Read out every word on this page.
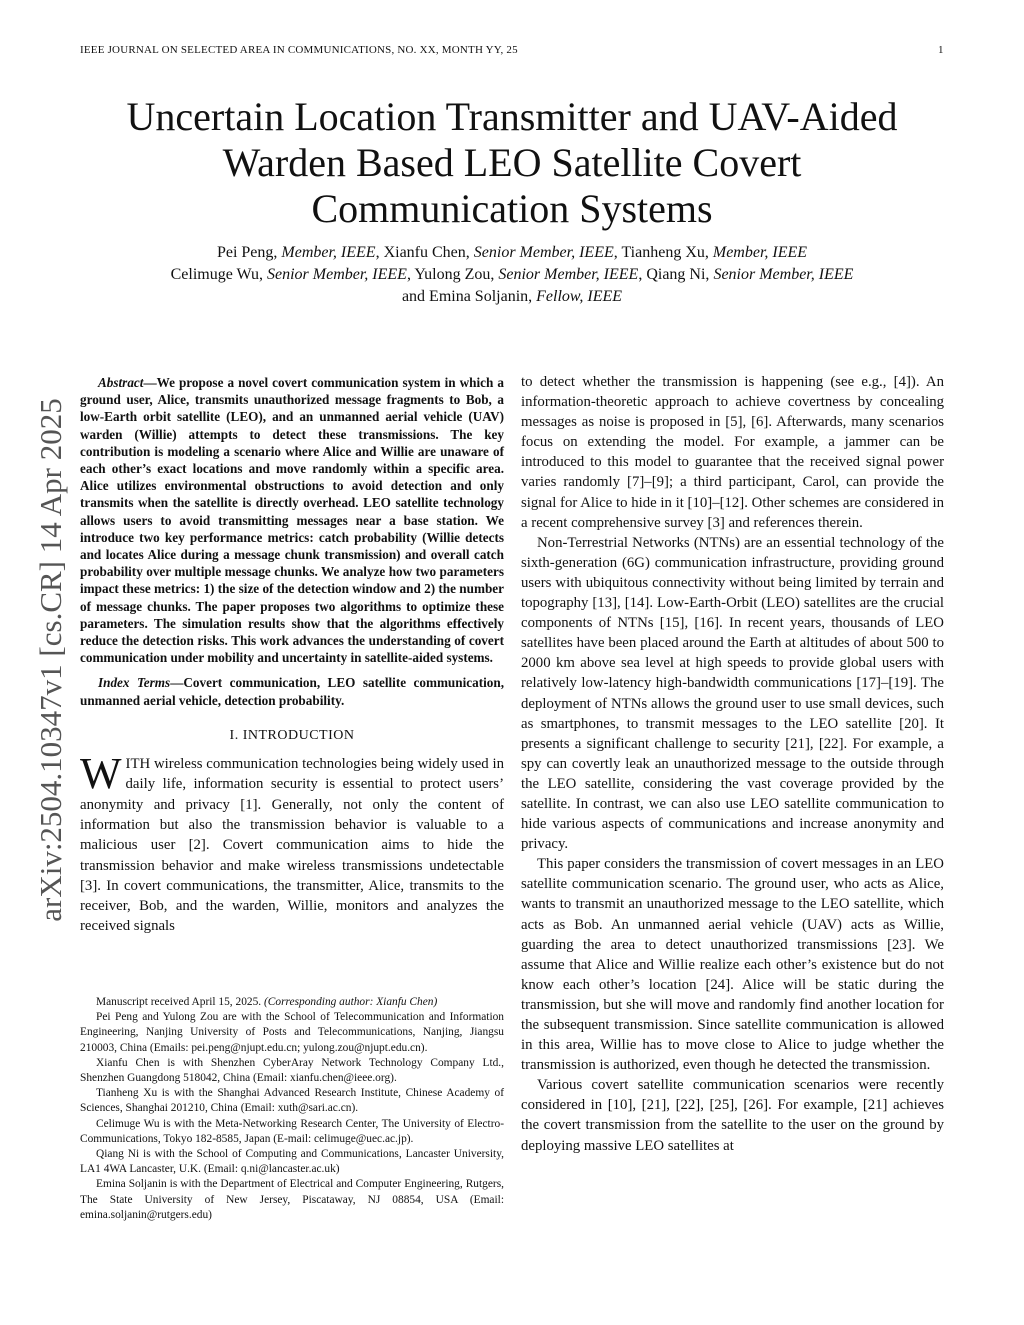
IEEE JOURNAL ON SELECTED AREA IN COMMUNICATIONS, NO. XX, MONTH YY, 25	1
arXiv:2504.10347v1 [cs.CR] 14 Apr 2025
Uncertain Location Transmitter and UAV-Aided
Warden Based LEO Satellite Covert
Communication Systems
Pei Peng, Member, IEEE, Xianfu Chen, Senior Member, IEEE, Tianheng Xu, Member, IEEE
Celimuge Wu, Senior Member, IEEE, Yulong Zou, Senior Member, IEEE, Qiang Ni, Senior Member, IEEE
and Emina Soljanin, Fellow, IEEE

Abstract—We propose a novel covert communication system in which a ground user, Alice, transmits unauthorized message fragments to Bob, a low-Earth orbit satellite (LEO), and an unmanned aerial vehicle (UAV) warden (Willie) attempts to detect these transmissions. The key contribution is modeling a scenario where Alice and Willie are unaware of each other’s exact locations and move randomly within a specific area. Alice utilizes environmental obstructions to avoid detection and only transmits when the satellite is directly overhead. LEO satellite technology allows users to avoid transmitting messages near a base station. We introduce two key performance metrics: catch probability (Willie detects and locates Alice during a message chunk transmission) and overall catch probability over multiple message chunks. We analyze how two parameters impact these metrics: 1) the size of the detection window and 2) the number of message chunks. The paper proposes two algorithms to optimize these parameters. The simulation results show that the algorithms effectively reduce the detection risks. This work advances the understanding of covert communication under mobility and uncertainty in satellite-aided systems.

Index Terms—Covert communication, LEO satellite communication, unmanned aerial vehicle, detection probability.

I. INTRODUCTION

WITH wireless communication technologies being widely used in daily life, information security is essential to protect users’ anonymity and privacy [1]. Generally, not only the content of information but also the transmission behavior is valuable to a malicious user [2]. Covert communication aims to hide the transmission behavior and make wireless transmissions undetectable [3]. In covert communications, the transmitter, Alice, transmits to the receiver, Bob, and the warden, Willie, monitors and analyzes the received signals

Manuscript received April 15, 2025. (Corresponding author: Xianfu Chen)

Pei Peng and Yulong Zou are with the School of Telecommunication and Information Engineering, Nanjing University of Posts and Telecommunications, Nanjing, Jiangsu 210003, China (Emails: pei.peng@njupt.edu.cn; yulong.zou@njupt.edu.cn).

Xianfu Chen is with Shenzhen CyberAray Network Technology Company Ltd., Shenzhen Guangdong 518042, China (Email: xianfu.chen@ieee.org).

Tianheng Xu is with the Shanghai Advanced Research Institute, Chinese Academy of Sciences, Shanghai 201210, China (Email: xuth@sari.ac.cn).

Celimuge Wu is with the Meta-Networking Research Center, The University of Electro-Communications, Tokyo 182-8585, Japan (E-mail: celimuge@uec.ac.jp).

Qiang Ni is with the School of Computing and Communications, Lancaster University, LA1 4WA Lancaster, U.K. (Email: q.ni@lancaster.ac.uk)

Emina Soljanin is with the Department of Electrical and Computer Engineering, Rutgers, The State University of New Jersey, Piscataway, NJ 08854, USA (Email: emina.soljanin@rutgers.edu)

to detect whether the transmission is happening (see e.g., [4]). An information-theoretic approach to achieve covertness by concealing messages as noise is proposed in [5], [6]. Afterwards, many scenarios focus on extending the model. For example, a jammer can be introduced to this model to guarantee that the received signal power varies randomly [7]–[9]; a third participant, Carol, can provide the signal for Alice to hide in it [10]–[12]. Other schemes are considered in a recent comprehensive survey [3] and references therein.

Non-Terrestrial Networks (NTNs) are an essential technology of the sixth-generation (6G) communication infrastructure, providing ground users with ubiquitous connectivity without being limited by terrain and topography [13], [14]. Low-Earth-Orbit (LEO) satellites are the crucial components of NTNs [15], [16]. In recent years, thousands of LEO satellites have been placed around the Earth at altitudes of about 500 to 2000 km above sea level at high speeds to provide global users with relatively low-latency high-bandwidth communications [17]–[19]. The deployment of NTNs allows the ground user to use small devices, such as smartphones, to transmit messages to the LEO satellite [20]. It presents a significant challenge to security [21], [22]. For example, a spy can covertly leak an unauthorized message to the outside through the LEO satellite, considering the vast coverage provided by the satellite. In contrast, we can also use LEO satellite communication to hide various aspects of communications and increase anonymity and privacy.

This paper considers the transmission of covert messages in an LEO satellite communication scenario. The ground user, who acts as Alice, wants to transmit an unauthorized message to the LEO satellite, which acts as Bob. An unmanned aerial vehicle (UAV) acts as Willie, guarding the area to detect unauthorized transmissions [23]. We assume that Alice and Willie realize each other’s existence but do not know each other’s location [24]. Alice will be static during the transmission, but she will move and randomly find another location for the subsequent transmission. Since satellite communication is allowed in this area, Willie has to move close to Alice to judge whether the transmission is authorized, even though he detected the transmission.

Various covert satellite communication scenarios were recently considered in [10], [21], [22], [25], [26]. For example, [21] achieves the covert transmission from the satellite to the user on the ground by deploying massive LEO satellites at
